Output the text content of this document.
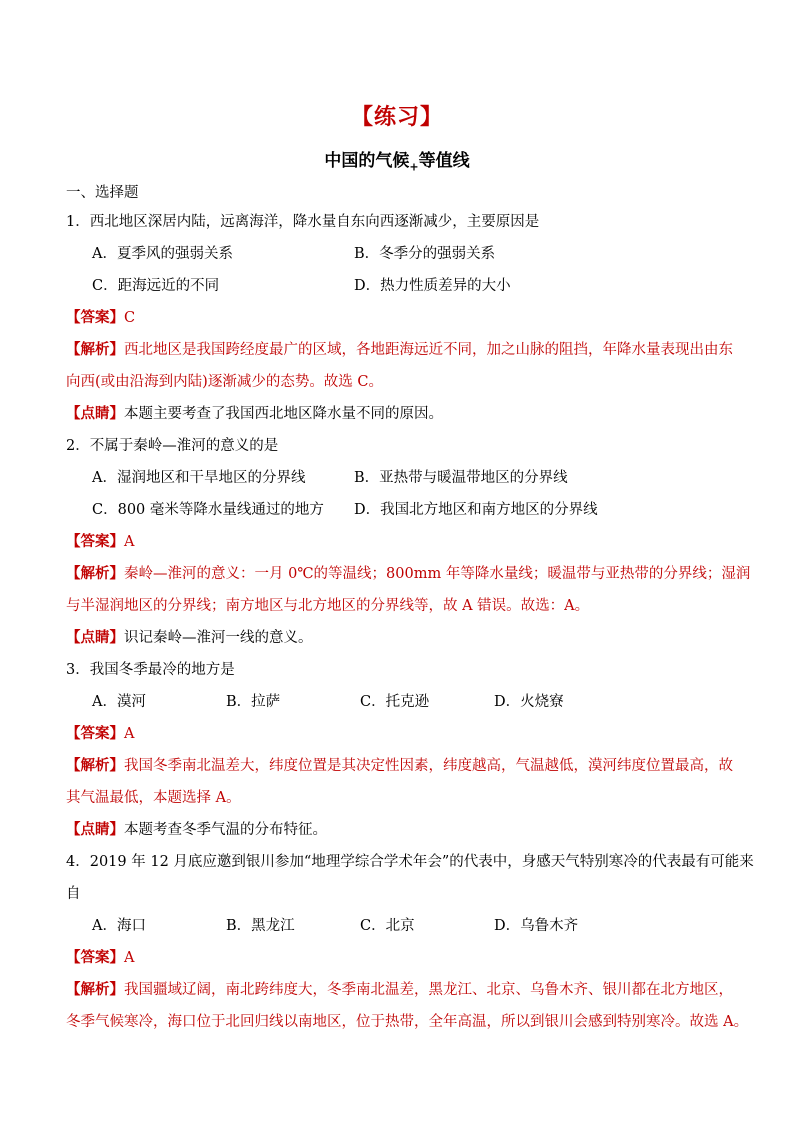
【练习】
中国的气候$_+$等值线
一、选择题
1．西北地区深居内陆，远离海洋，降水量自东向西逐渐减少，主要原因是
A．夏季风的强弱关系	B．冬季分的强弱关系
C．距海远近的不同	D．热力性质差异的大小
【答案】C
【解析】西北地区是我国跨经度最广的区域，各地距海远近不同，加之山脉的阻挡，年降水量表现出由东
向西(或由沿海到内陆)逐渐减少的态势。故选 C。
【点睛】本题主要考查了我国西北地区降水量不同的原因。
2．不属于秦岭—淮河的意义的是
A．湿润地区和干旱地区的分界线	B．亚热带与暖温带地区的分界线
C．800 毫米等降水量线通过的地方	D．我国北方地区和南方地区的分界线
【答案】A
【解析】秦岭—淮河的意义：一月 0℃的等温线；800mm 年等降水量线；暖温带与亚热带的分界线；湿润
与半湿润地区的分界线；南方地区与北方地区的分界线等，故 A 错误。故选：A。
【点睛】识记秦岭—淮河一线的意义。
3．我国冬季最冷的地方是
A．漠河	B．拉萨	C．托克逊	D．火烧寮
【答案】A
【解析】我国冬季南北温差大，纬度位置是其决定性因素，纬度越高，气温越低，漠河纬度位置最高，故
其气温最低，本题选择 A。
【点睛】本题考查冬季气温的分布特征。
4．2019 年 12 月底应邀到银川参加“地理学综合学术年会”的代表中，身感天气特别寒冷的代表最有可能来
自
A．海口	B．黑龙江	C．北京	D．乌鲁木齐
【答案】A
【解析】我国疆域辽阔，南北跨纬度大，冬季南北温差，黑龙江、北京、乌鲁木齐、银川都在北方地区，
冬季气候寒冷，海口位于北回归线以南地区，位于热带，全年高温，所以到银川会感到特别寒冷。故选 A。
